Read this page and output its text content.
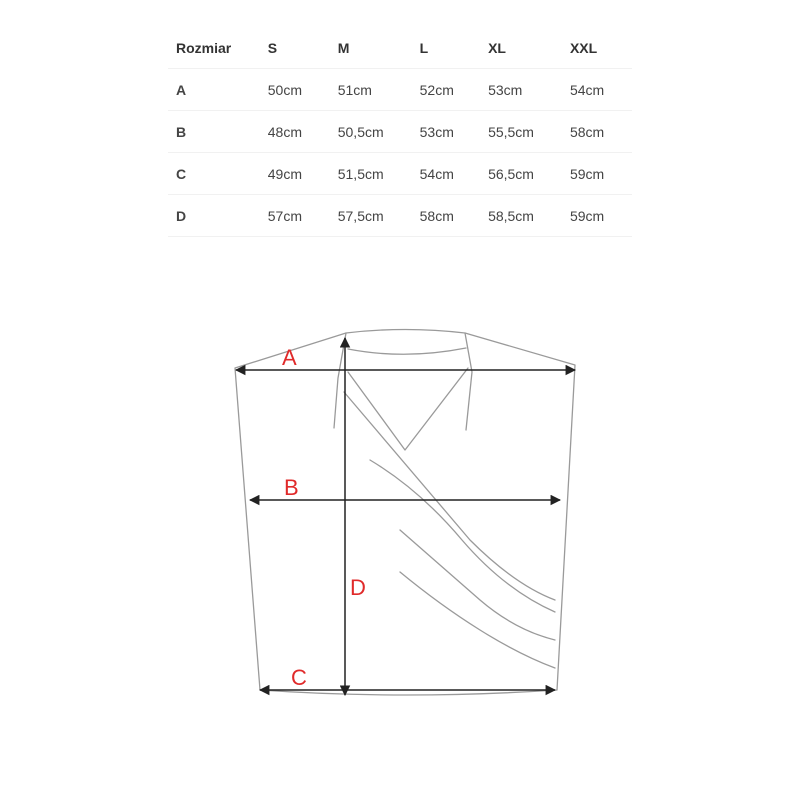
Rozmiar	S	M	L	XL	XXL
A	50cm	51cm	52cm	53cm	54cm
B	48cm	50,5cm	53cm	55,5cm	58cm
C	49cm	51,5cm	54cm	56,5cm	59cm
D	57cm	57,5cm	58cm	58,5cm	59cm
A
B
C
D
